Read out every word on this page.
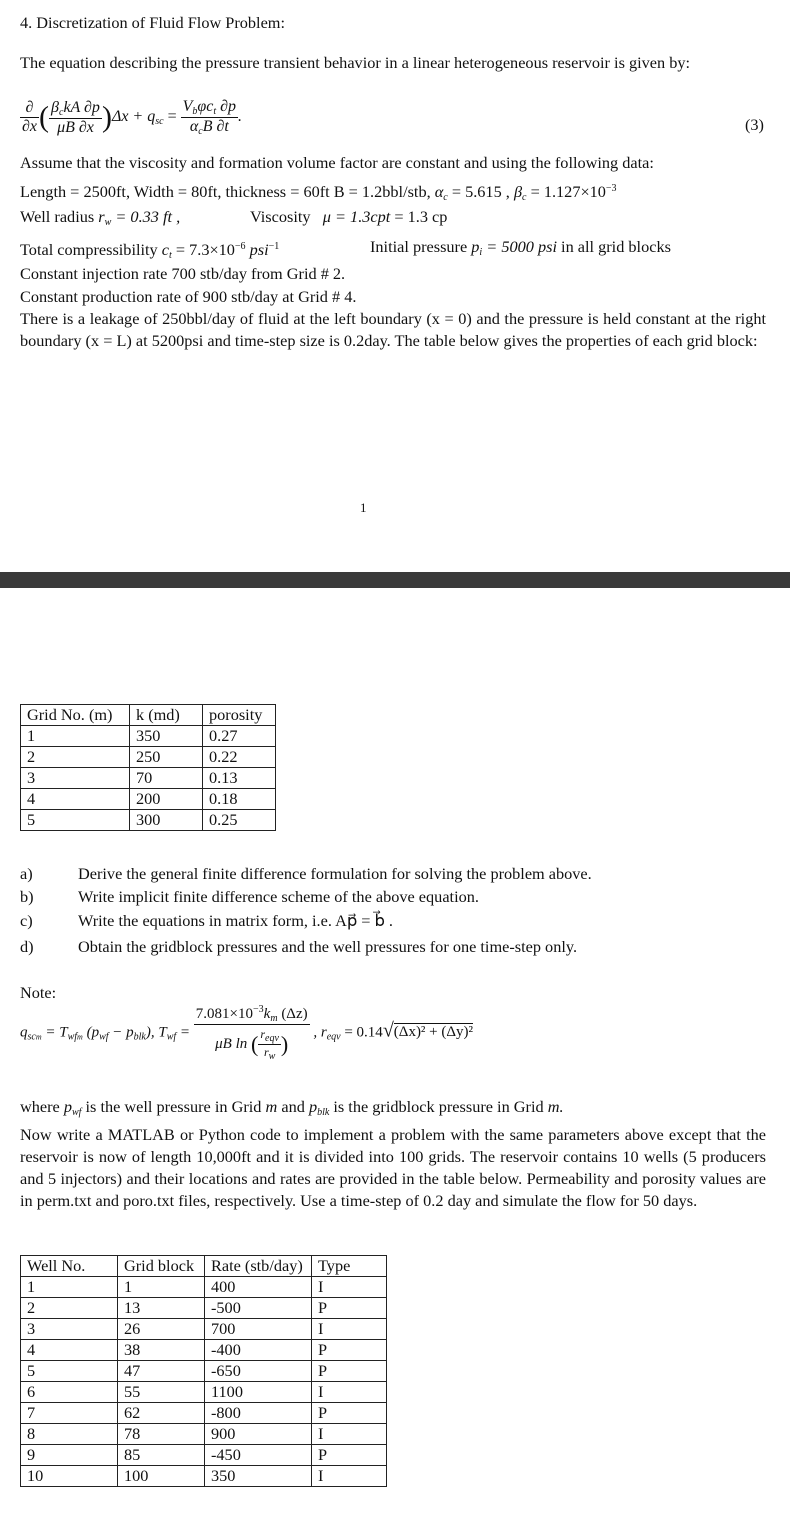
4. Discretization of Fluid Flow Problem:
The equation describing the pressure transient behavior in a linear heterogeneous reservoir is given by:
$\frac{\partial}{\partial x}$ ( $\frac{\beta_ckA \partial p}{\mu B \partial x} )\Delta x + q_{sc} = \frac{V_b\varphi c_t \partial p}{\alpha_cB \partial t}$ .	(3)
Assume that the viscosity and formation volume factor are constant and using the following data:
Length = 2500ft, Width = 80ft, thickness = 60ft B = 1.2bbl/stb, $\alpha_c = 5.615$ , $\beta_c = 1.127\times 10^{-3}$
Well radius $r_w = 0.33$ ft ,	Viscosity μ = 1.3cpt = 1.3 cp
Total compressibility $c_t = 7.3\times 10^{-6}$ psi$^{-1}$	Initial pressure $p_i = 5000$ psi in all grid blocks
Constant injection rate 700 stb/day from Grid # 2.
Constant production rate of 900 stb/day at Grid # 4.
There is a leakage of 250bbl/day of fluid at the left boundary (x = 0) and the pressure is held constant at the right boundary (x = L) at 5200psi and time-step size is 0.2day. The table below gives the properties of each grid block:
1
Grid No. (m)	k (md)	porosity
1	350	0.27
2	250	0.22
3	70	0.13
4	200	0.18
5	300	0.25
a)	Derive the general finite difference formulation for solving the problem above.
b)	Write implicit finite difference scheme of the above equation.
c)	Write the equations in matrix form, i.e. Ap⃗ = b⃗ .
d)	Obtain the gridblock pressures and the well pressures for one time-step only.
Note:
$q_{scm} = T_{wfm}$ $(p_{wf} - p_{blk})$, $T_{wf} = \frac{7.081\times 10^{-3}k_m (\Delta z)}{\mu B \ln ( \frac{r_{eqv}}{r_w} )}$ , $r_{eqv} = 0.14√(\Delta x)^2 + (\Delta y)^2$
where $p_{wf}$ is the well pressure in Grid m and $p_{blk}$ is the gridblock pressure in Grid m.
Now write a MATLAB or Python code to implement a problem with the same parameters above except that the reservoir is now of length 10,000ft and it is divided into 100 grids. The reservoir contains 10 wells (5 producers and 5 injectors) and their locations and rates are provided in the table below. Permeability and porosity values are in perm.txt and poro.txt files, respectively. Use a time-step of 0.2 day and simulate the flow for 50 days.
Well No.	Grid block	Rate (stb/day)	Type
1	1	400	I
2	13	-500	P
3	26	700	I
4	38	-400	P
5	47	-650	P
6	55	1100	I
7	62	-800	P
8	78	900	I
9	85	-450	P
10	100	350	I
